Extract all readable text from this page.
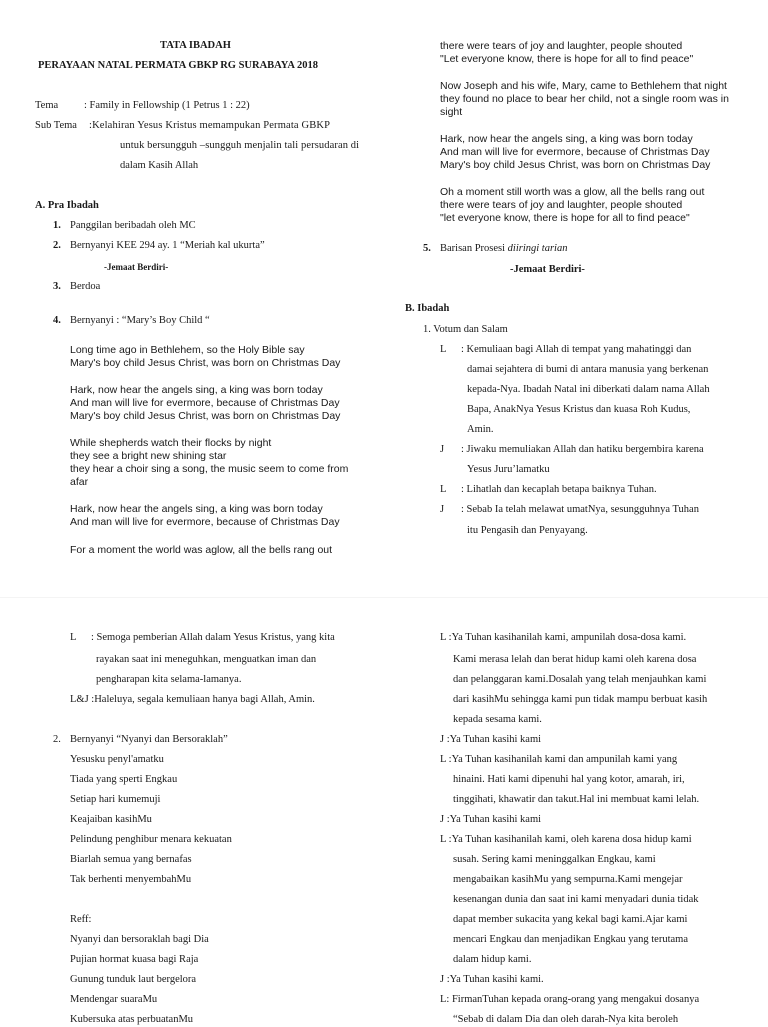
TATA IBADAH
PERAYAAN NATAL PERMATA GBKP RG SURABAYA 2018
Tema : Family in Fellowship (1 Petrus 1 : 22)
Sub Tema :Kelahiran Yesus Kristus memampukan Permata GBKP
untuk bersungguh –sungguh menjalin tali persudaran di
dalam Kasih Allah
A. Pra Ibadah
1. Panggilan beribadah oleh MC
2. Bernyanyi KEE 294 ay. 1 “Meriah kal ukurta”
-Jemaat Berdiri-
3. Berdoa
4. Bernyanyi : “Mary’s Boy Child “
Long time ago in Bethlehem, so the Holy Bible say
Mary's boy child Jesus Christ, was born on Christmas Day
Hark, now hear the angels sing, a king was born today
And man will live for evermore, because of Christmas Day
Mary's boy child Jesus Christ, was born on Christmas Day
While shepherds watch their flocks by night
they see a bright new shining star
they hear a choir sing a song, the music seem to come from
afar
Hark, now hear the angels sing, a king was born today
And man will live for evermore, because of Christmas Day
For a moment the world was aglow, all the bells rang out
there were tears of joy and laughter, people shouted
"Let everyone know, there is hope for all to find peace"
Now Joseph and his wife, Mary, came to Bethlehem that night
they found no place to bear her child, not a single room was in
sight
Hark, now hear the angels sing, a king was born today
And man will live for evermore, because of Christmas Day
Mary's boy child Jesus Christ, was born on Christmas Day
Oh a moment still worth was a glow, all the bells rang out
there were tears of joy and laughter, people shouted
"let everyone know, there is hope for all to find peace"
5. Barisan Prosesi diiringi tarian
-Jemaat Berdiri-
B. Ibadah
1. Votum dan Salam
L : Kemuliaan bagi Allah di tempat yang mahatinggi dan
damai sejahtera di bumi di antara manusia yang berkenan
kepada-Nya. Ibadah Natal ini diberkati dalam nama Allah
Bapa, AnakNya Yesus Kristus dan kuasa Roh Kudus,
Amin.
J : Jiwaku memuliakan Allah dan hatiku bergembira karena
Yesus Juru’lamatku
L : Lihatlah dan kecaplah betapa baiknya Tuhan.
J : Sebab Ia telah melawat umatNya, sesungguhnya Tuhan
itu Pengasih dan Penyayang.
L : Semoga pemberian Allah dalam Yesus Kristus, yang kita
rayakan saat ini meneguhkan, menguatkan iman dan
pengharapan kita selama-lamanya.
L&J :Haleluya, segala kemuliaan hanya bagi Allah, Amin.
2. Bernyanyi “Nyanyi dan Bersoraklah”
Yesusku penyl'amatku
Tiada yang sperti Engkau
Setiap hari kumemuji
Keajaiban kasihMu
Pelindung penghibur menara kekuatan
Biarlah semua yang bernafas
Tak berhenti menyembahMu
Reff:
Nyanyi dan bersoraklah bagi Dia
Pujian hormat kuasa bagi Raja
Gunung tunduk laut bergelora
Mendengar suaraMu
Kubersuka atas perbuatanMu
L :Ya Tuhan kasihanilah kami, ampunilah dosa-dosa kami.
Kami merasa lelah dan berat hidup kami oleh karena dosa
dan pelanggaran kami.Dosalah yang telah menjauhkan kami
dari kasihMu sehingga kami pun tidak mampu berbuat kasih
kepada sesama kami.
J :Ya Tuhan kasihi kami
L :Ya Tuhan kasihanilah kami dan ampunilah kami yang
hinaini. Hati kami dipenuhi hal yang kotor, amarah, iri,
tinggihati, khawatir dan takut.Hal ini membuat kami lelah.
J :Ya Tuhan kasihi kami
L :Ya Tuhan kasihanilah kami, oleh karena dosa hidup kami
susah. Sering kami meninggalkan Engkau, kami
mengabaikan kasihMu yang sempurna.Kami mengejar
kesenangan dunia dan saat ini kami menyadari dunia tidak
dapat member sukacita yang kekal bagi kami.Ajar kami
mencari Engkau dan menjadikan Engkau yang terutama
dalam hidup kami.
J :Ya Tuhan kasihi kami.
L: FirmanTuhan kepada orang-orang yang mengakui dosanya
“Sebab di dalam Dia dan oleh darah-Nya kita beroleh
